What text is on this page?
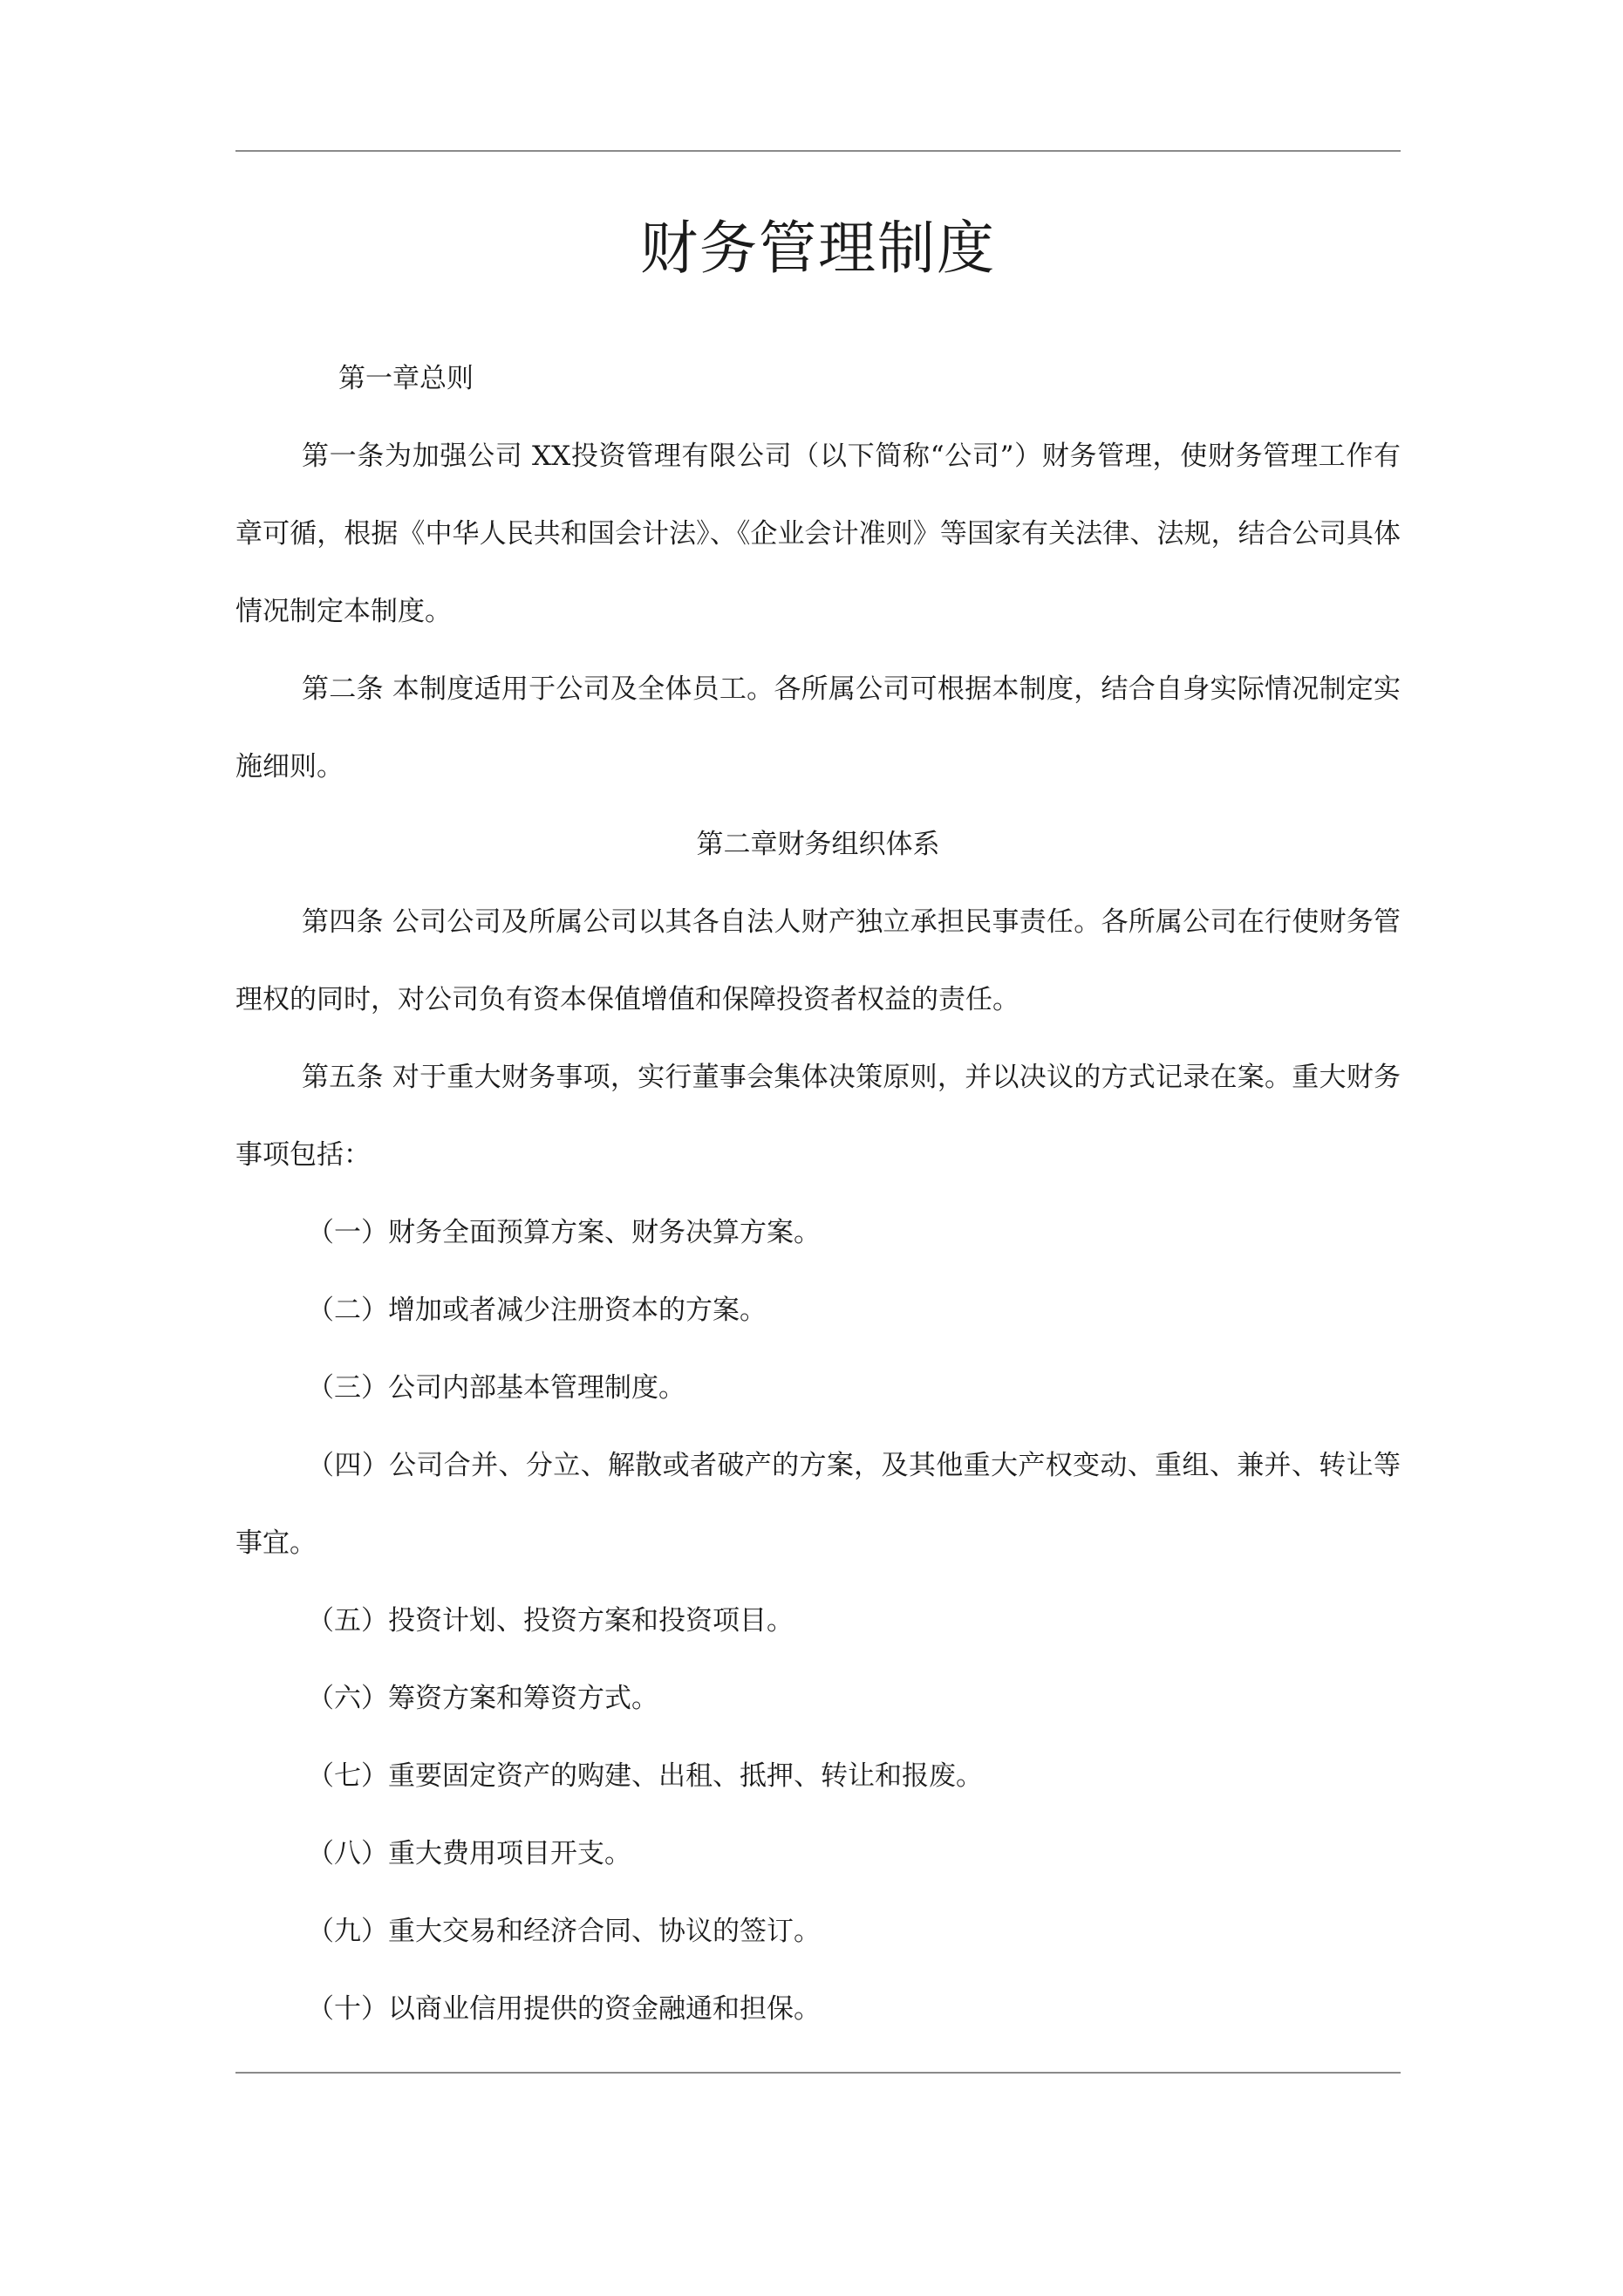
财务管理制度

第一章总则

第一条为加强公司 XX投资管理有限公司（以下简称“公司”）财务管理，使财务管理工作有章可循，根据《中华人民共和国会计法》、《企业会计准则》等国家有关法律、法规，结合公司具体情况制定本制度。

第二条 本制度适用于公司及全体员工。各所属公司可根据本制度，结合自身实际情况制定实施细则。

第二章财务组织体系

第四条 公司公司及所属公司以其各自法人财产独立承担民事责任。各所属公司在行使财务管理权的同时，对公司负有资本保值增值和保障投资者权益的责任。

第五条 对于重大财务事项，实行董事会集体决策原则，并以决议的方式记录在案。重大财务事项包括：

（一）财务全面预算方案、财务决算方案。

（二）增加或者减少注册资本的方案。

（三）公司内部基本管理制度。

（四）公司合并、分立、解散或者破产的方案，及其他重大产权变动、重组、兼并、转让等事宜。

（五）投资计划、投资方案和投资项目。

（六）筹资方案和筹资方式。

（七）重要固定资产的购建、出租、抵押、转让和报废。

（八）重大费用项目开支。

（九）重大交易和经济合同、协议的签订。

（十）以商业信用提供的资金融通和担保。
